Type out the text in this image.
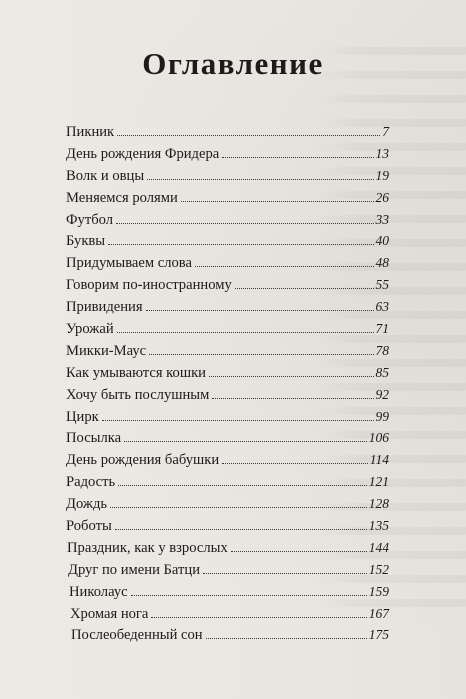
Оглавление
Пикник	7
День рождения Фридера	13
Волк и овцы	19
Меняемся ролями	26
Футбол	33
Буквы	40
Придумываем слова	48
Говорим по-иностранному	55
Привидения	63
Урожай	71
Микки-Маус	78
Как умываются кошки	85
Хочу быть послушным	92
Цирк	99
Посылка	106
День рождения бабушки	114
Радость	121
Дождь	128
Роботы	135
Праздник, как у взрослых	144
Друг по имени Батци	152
Николаус	159
Хромая нога	167
Послеобеденный сон	175
